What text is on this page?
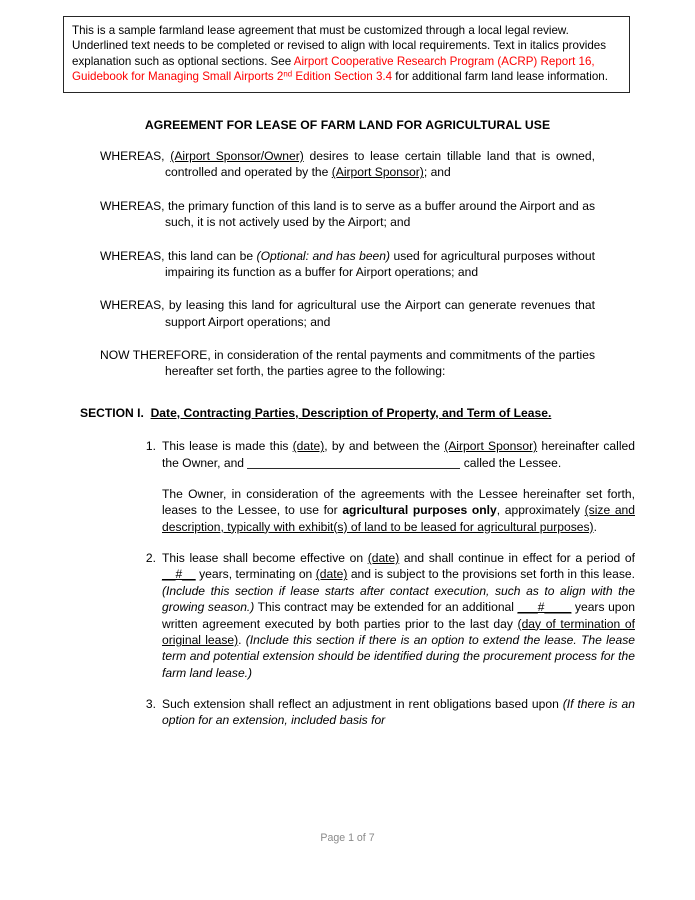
This is a sample farmland lease agreement that must be customized through a local legal review. Underlined text needs to be completed or revised to align with local requirements. Text in italics provides explanation such as optional sections. See Airport Cooperative Research Program (ACRP) Report 16, Guidebook for Managing Small Airports 2nd Edition Section 3.4 for additional farm land lease information.

AGREEMENT FOR LEASE OF FARM LAND FOR AGRICULTURAL USE

WHEREAS, (Airport Sponsor/Owner) desires to lease certain tillable land that is owned, controlled and operated by the (Airport Sponsor); and

WHEREAS, the primary function of this land is to serve as a buffer around the Airport and as such, it is not actively used by the Airport; and

WHEREAS, this land can be (Optional: and has been) used for agricultural purposes without impairing its function as a buffer for Airport operations; and

WHEREAS, by leasing this land for agricultural use the Airport can generate revenues that support Airport operations; and

NOW THEREFORE, in consideration of the rental payments and commitments of the parties hereafter set forth, the parties agree to the following:

SECTION I. Date, Contracting Parties, Description of Property, and Term of Lease.

1. This lease is made this (date), by and between the (Airport Sponsor) hereinafter called the Owner, and	called the Lessee.

The Owner, in consideration of the agreements with the Lessee hereinafter set forth, leases to the Lessee, to use for agricultural purposes only, approximately (size and description, typically with exhibit(s) of land to be leased for agricultural purposes).

2. This lease shall become effective on (date) and shall continue in effect for a period of __#__ years, terminating on (date) and is subject to the provisions set forth in this lease. (Include this section if lease starts after contact execution, such as to align with the growing season.) This contract may be extended for an additional ___#____ years upon written agreement executed by both parties prior to the last day (day of termination of original lease). (Include this section if there is an option to extend the lease. The lease term and potential extension should be identified during the procurement process for the farm land lease.)

3. Such extension shall reflect an adjustment in rent obligations based upon (If there is an option for an extension, included basis for

Page 1 of 7
